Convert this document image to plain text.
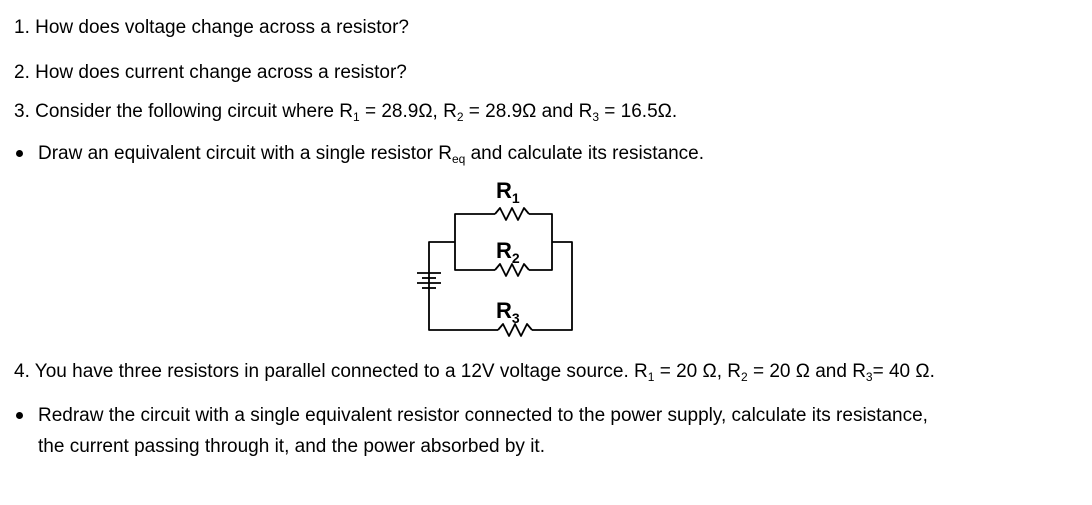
1. How does voltage change across a resistor?
2. How does current change across a resistor?
3. Consider the following circuit where $R_1 = 28.9\Omega$, $R_2 = 28.9\Omega$ and $R_3 = 16.5\Omega$.
Draw an equivalent circuit with a single resistor $R_{eq}$ and calculate its resistance.
$R_1$
$R_2$
$R_3$
4. You have three resistors in parallel connected to a 12V voltage source. $R_1 = 20$ Ω, $R_2 = 20$ Ω and $R_3= 40$ Ω.
Redraw the circuit with a single equivalent resistor connected to the power supply, calculate its resistance,
the current passing through it, and the power absorbed by it.
